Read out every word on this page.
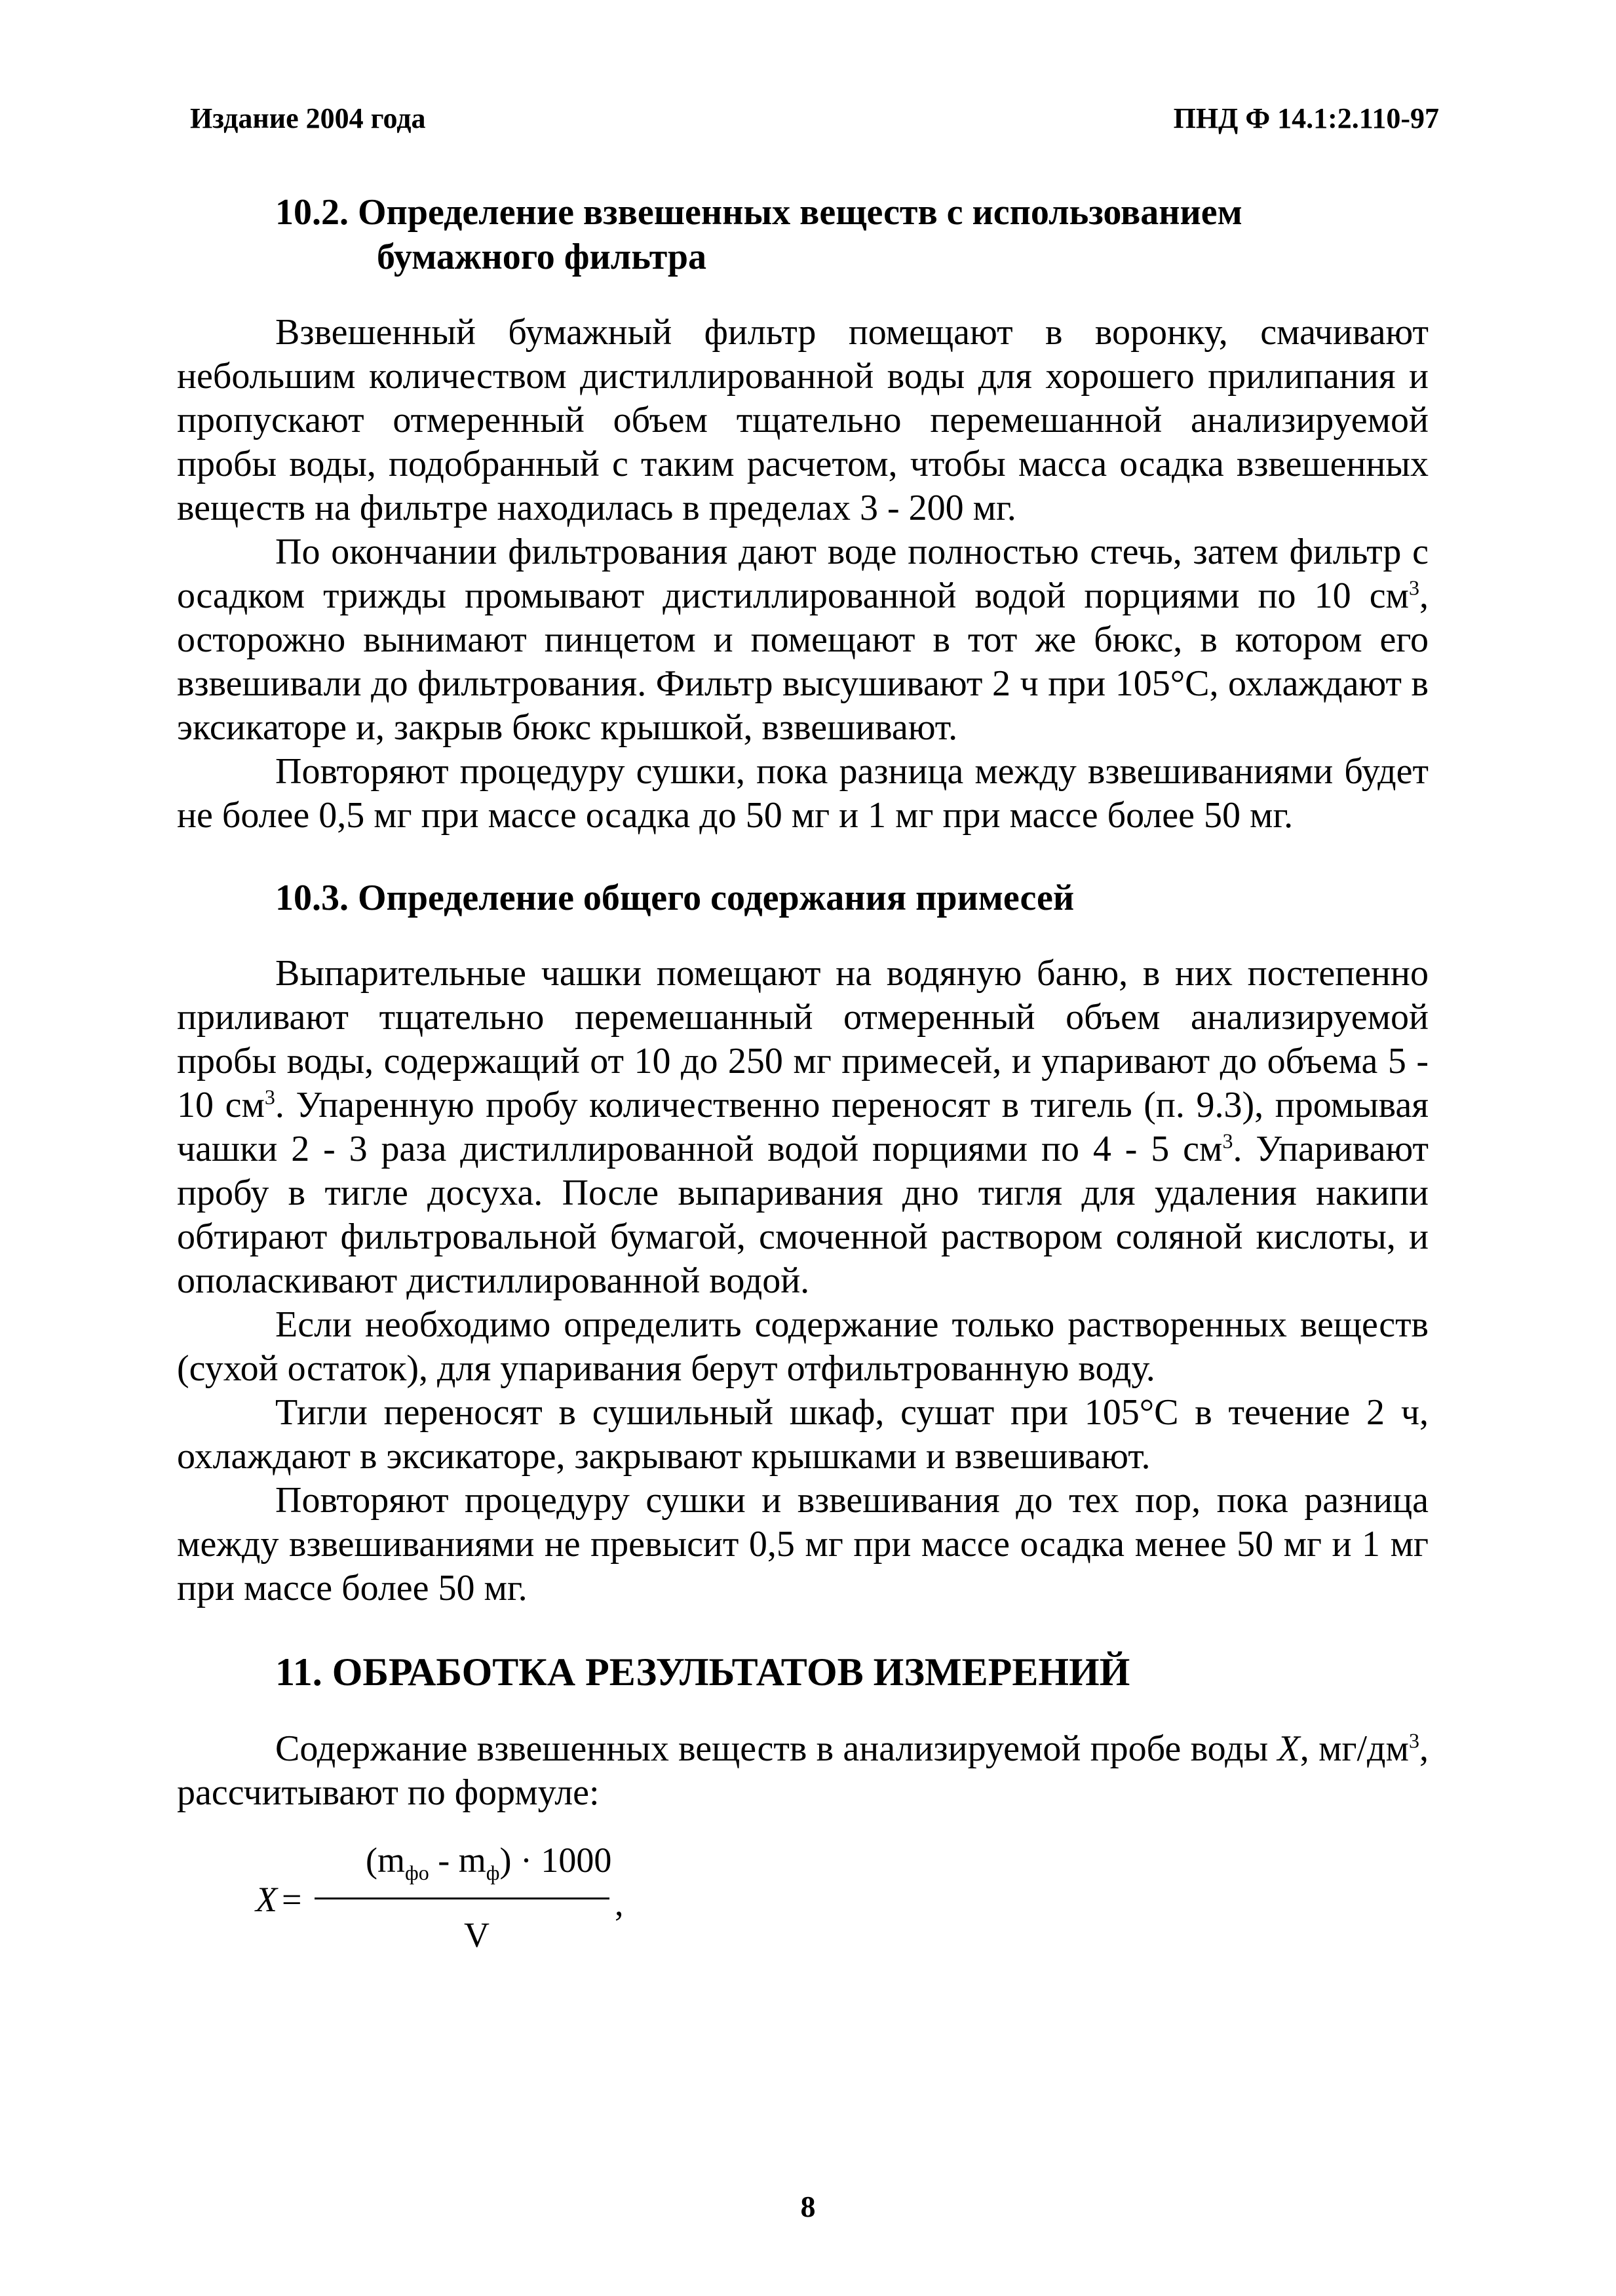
Издание 2004 года	ПНД Ф 14.1:2.110-97
10.2. Определение взвешенных веществ с использованием
бумажного фильтра

Взвешенный бумажный фильтр помещают в воронку, смачивают небольшим количеством дистиллированной воды для хорошего прилипания и пропускают отмеренный объем тщательно перемешанной анализируемой пробы воды, подобранный с таким расчетом, чтобы масса осадка взвешенных веществ на фильтре находилась в пределах 3 - 200 мг.

По окончании фильтрования дают воде полностью стечь, затем фильтр с осадком трижды промывают дистиллированной водой порциями по 10 $см^3$, осторожно вынимают пинцетом и помещают в тот же бюкс, в котором его взвешивали до фильтрования. Фильтр высушивают 2 ч при 105°С, охлаждают в эксикаторе и, закрыв бюкс крышкой, взвешивают.

Повторяют процедуру сушки, пока разница между взвешиваниями будет не более 0,5 мг при массе осадка до 50 мг и 1 мг при массе более 50 мг.

10.3. Определение общего содержания примесей

Выпарительные чашки помещают на водяную баню, в них постепенно приливают тщательно перемешанный отмеренный объем анализируемой пробы воды, содержащий от 10 до 250 мг примесей, и упаривают до объема 5 - 10 $см^3$. Упаренную пробу количественно переносят в тигель (п. 9.3), промывая чашки 2 - 3 раза дистиллированной водой порциями по 4 - 5 $см^3$. Упаривают пробу в тигле досуха. После выпаривания дно тигля для удаления накипи обтирают фильтровальной бумагой, смоченной раствором соляной кислоты, и ополаскивают дистиллированной водой.

Если необходимо определить содержание только растворенных веществ (сухой остаток), для упаривания берут отфильтрованную воду.

Тигли переносят в сушильный шкаф, сушат при 105°С в течение 2 ч, охлаждают в эксикаторе, закрывают крышками и взвешивают.

Повторяют процедуру сушки и взвешивания до тех пор, пока разница между взвешиваниями не превысит 0,5 мг при массе осадка менее 50 мг и 1 мг при массе более 50 мг.

11. ОБРАБОТКА РЕЗУЛЬТАТОВ ИЗМЕРЕНИЙ

Содержание взвешенных веществ в анализируемой пробе воды X, $мг/дм^3$, рассчитывают по формуле:

X =
$(m_{фо} - m_ф) \cdot 1000$
,
V
8
